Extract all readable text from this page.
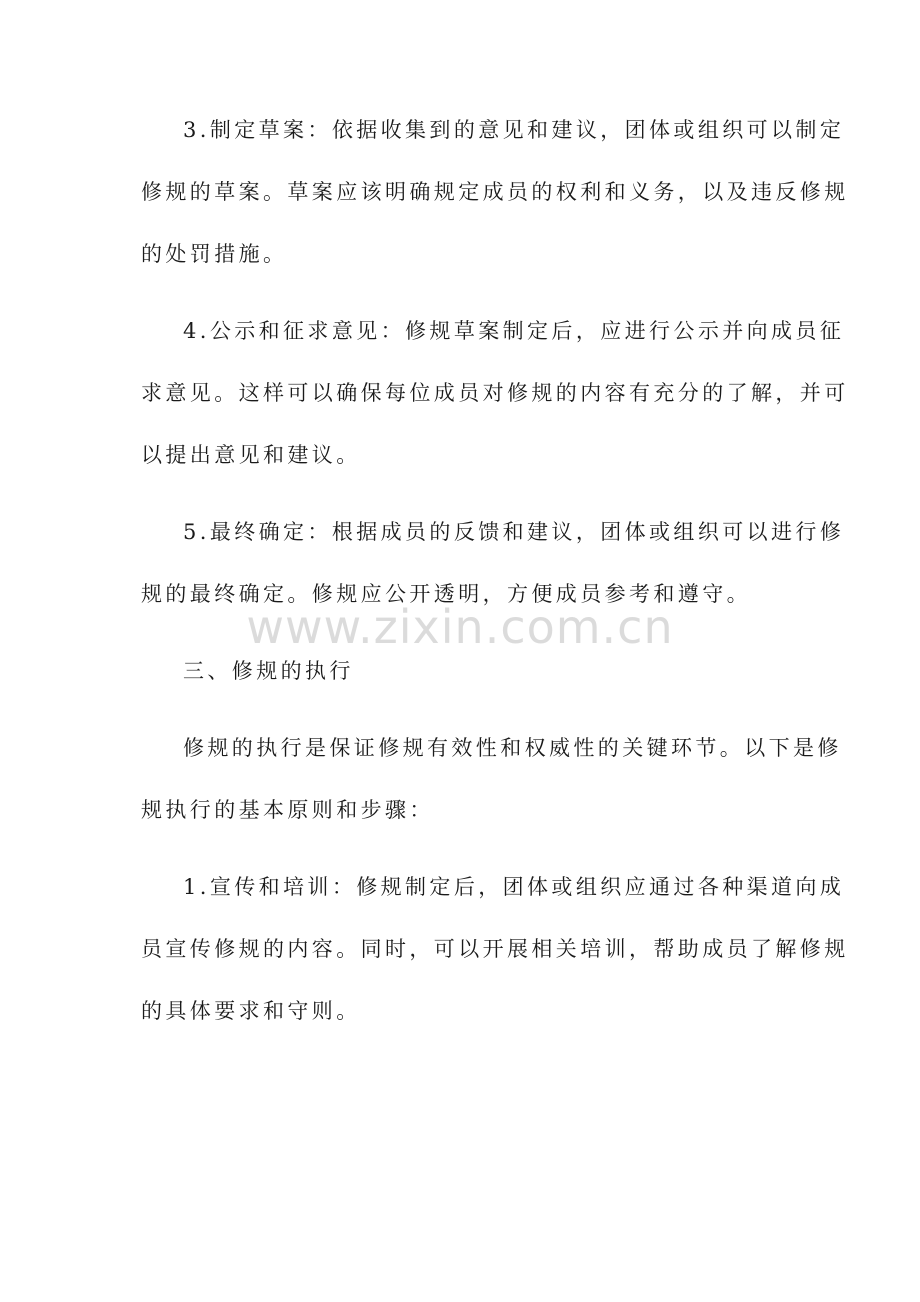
3.制定草案：依据收集到的意见和建议，团体或组织可以制定
修规的草案。草案应该明确规定成员的权利和义务，以及违反修规
的处罚措施。
4.公示和征求意见：修规草案制定后，应进行公示并向成员征
求意见。这样可以确保每位成员对修规的内容有充分的了解，并可
以提出意见和建议。
5.最终确定：根据成员的反馈和建议，团体或组织可以进行修
规的最终确定。修规应公开透明，方便成员参考和遵守。
www.zixin.com.cn
三、修规的执行
修规的执行是保证修规有效性和权威性的关键环节。以下是修
规执行的基本原则和步骤：
1.宣传和培训：修规制定后，团体或组织应通过各种渠道向成
员宣传修规的内容。同时，可以开展相关培训，帮助成员了解修规
的具体要求和守则。
